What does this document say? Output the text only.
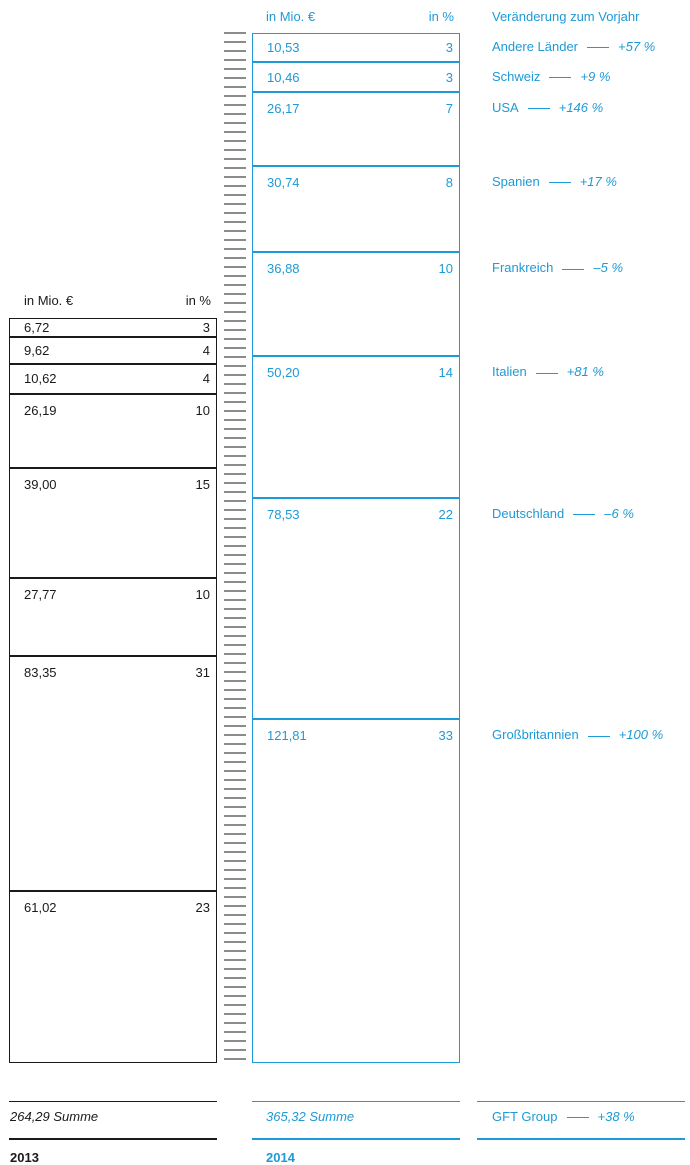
in Mio. €	in %	Veränderung zum Vorjahr
in Mio. €	in %
61,02	23
83,35	31
27,77	10
39,00	15
26,19	10
10,62	4
9,62	4
6,72	3
121,81	33
78,53	22
50,20	14
36,88	10
30,74	8
26,17	7
10,46	3
10,53	3
Großbritannien	+100 %
Deutschland	–6 %
Italien	+81 %
Frankreich	–5 %
Spanien	+17 %
USA	+146 %
Schweiz	+9 %
Andere Länder	+57 %
264,29 Summe
2013
365,32 Summe
2014
GFT Group	+38 %
